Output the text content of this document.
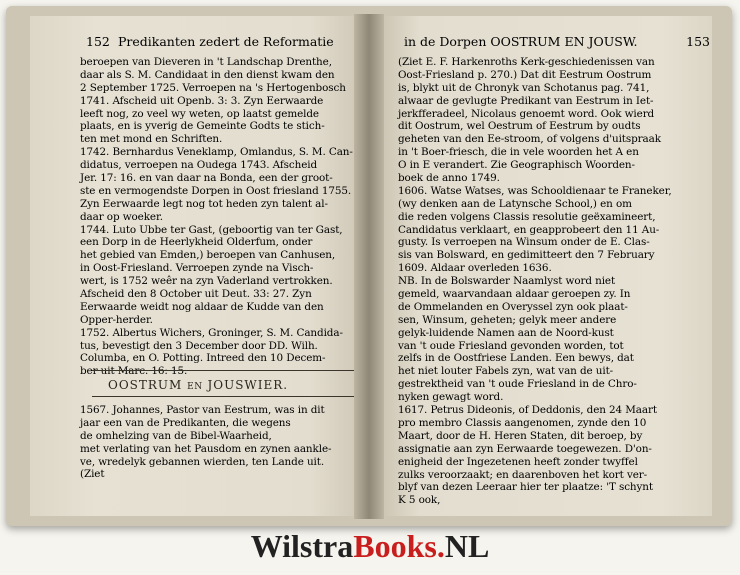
152 Predikanten zedert de Reformatie
beroepen van Dieveren in 't Landschap Drenthe,
daar als S. M. Candidaat in den dienst kwam den
2 September 1725. Verroepen na 's Hertogenbosch
1741. Afscheid uit Openb. 3: 3. Zyn Eerwaarde
leeft nog, zo veel wy weten, op laatst gemelde
plaats, en is yverig de Gemeinte Godts te stich-
ten met mond en Schriften.
1742. Bernhardus Veneklamp, Omlandus, S. M. Can-
didatus, verroepen na Oudega 1743. Afscheid
Jer. 17: 16. en van daar na Bonda, een der groot-
ste en vermogendste Dorpen in Oost friesland 1755.
Zyn Eerwaarde legt nog tot heden zyn talent al-
daar op woeker.
1744. Luto Ubbe ter Gast, (geboortig van ter Gast,
een Dorp in de Heerlykheid Olderfum, onder
het gebied van Emden,) beroepen van Canhusen,
in Oost-Friesland. Verroepen zynde na Visch-
wert, is 1752 weêr na zyn Vaderland vertrokken.
Afscheid den 8 October uit Deut. 33: 27. Zyn
Eerwaarde weidt nog aldaar de Kudde van den
Opper-herder.
1752. Albertus Wichers, Groninger, S. M. Candida-
tus, bevestigt den 3 December door DD. Wilh.
Columba, en O. Potting. Intreed den 10 Decem-
ber uit Marc. 16: 15.
OOSTRUM EN JOUSWIER.
1567. Johannes, Pastor van Eestrum, was in dit
jaar een van de Predikanten, die wegens
de omhelzing van de Bibel-Waarheid,
met verlating van het Pausdom en zynen aankle-
ve, wredelyk gebannen wierden, ten Lande uit.
(Ziet
in de Dorpen OOSTRUM EN JOUSW.	153
(Ziet E. F. Harkenroths Kerk-geschiedenissen van
Oost-Friesland p. 270.) Dat dit Eestrum Oostrum
is, blykt uit de Chronyk van Schotanus pag. 741,
alwaar de gevlugte Predikant van Eestrum in Iet-
jerkfferadeel, Nicolaus genoemt word. Ook wierd
dit Oostrum, wel Oestrum of Eestrum by oudts
geheten van den Ee-stroom, of volgens d'uitspraak
in 't Boer-friesch, die in vele woorden het A en
O in E verandert. Zie Geographisch Woorden-
boek de anno 1749.
1606. Watse Watses, was Schooldienaar te Franeker,
(wy denken aan de Latynsche School,) en om
die reden volgens Classis resolutie geëxamineert,
Candidatus verklaart, en geapprobeert den 11 Au-
gusty. Is verroepen na Winsum onder de E. Clas-
sis van Bolsward, en gedimitteert den 7 February
1609. Aldaar overleden 1636.
NB. In de Bolswarder Naamlyst word niet
gemeld, waarvandaan aldaar geroepen zy. In
de Ommelanden en Overyssel zyn ook plaat-
sen, Winsum, geheten; gelyk meer andere
gelyk-luidende Namen aan de Noord-kust
van 't oude Friesland gevonden worden, tot
zelfs in de Oostfriese Landen. Een bewys, dat
het niet louter Fabels zyn, wat van de uit-
gestrektheid van 't oude Friesland in de Chro-
nyken gewagt word.
1617. Petrus Dideonis, of Deddonis, den 24 Maart
pro membro Classis aangenomen, zynde den 10
Maart, door de H. Heren Staten, dit beroep, by
assignatie aan zyn Eerwaarde toegewezen. D'on-
enigheid der Ingezetenen heeft zonder twyffel
zulks veroorzaakt; en daarenboven het kort ver-
blyf van dezen Leeraar hier ter plaatze: 'T schynt
K 5 ook,
WilstraBooks.NL
